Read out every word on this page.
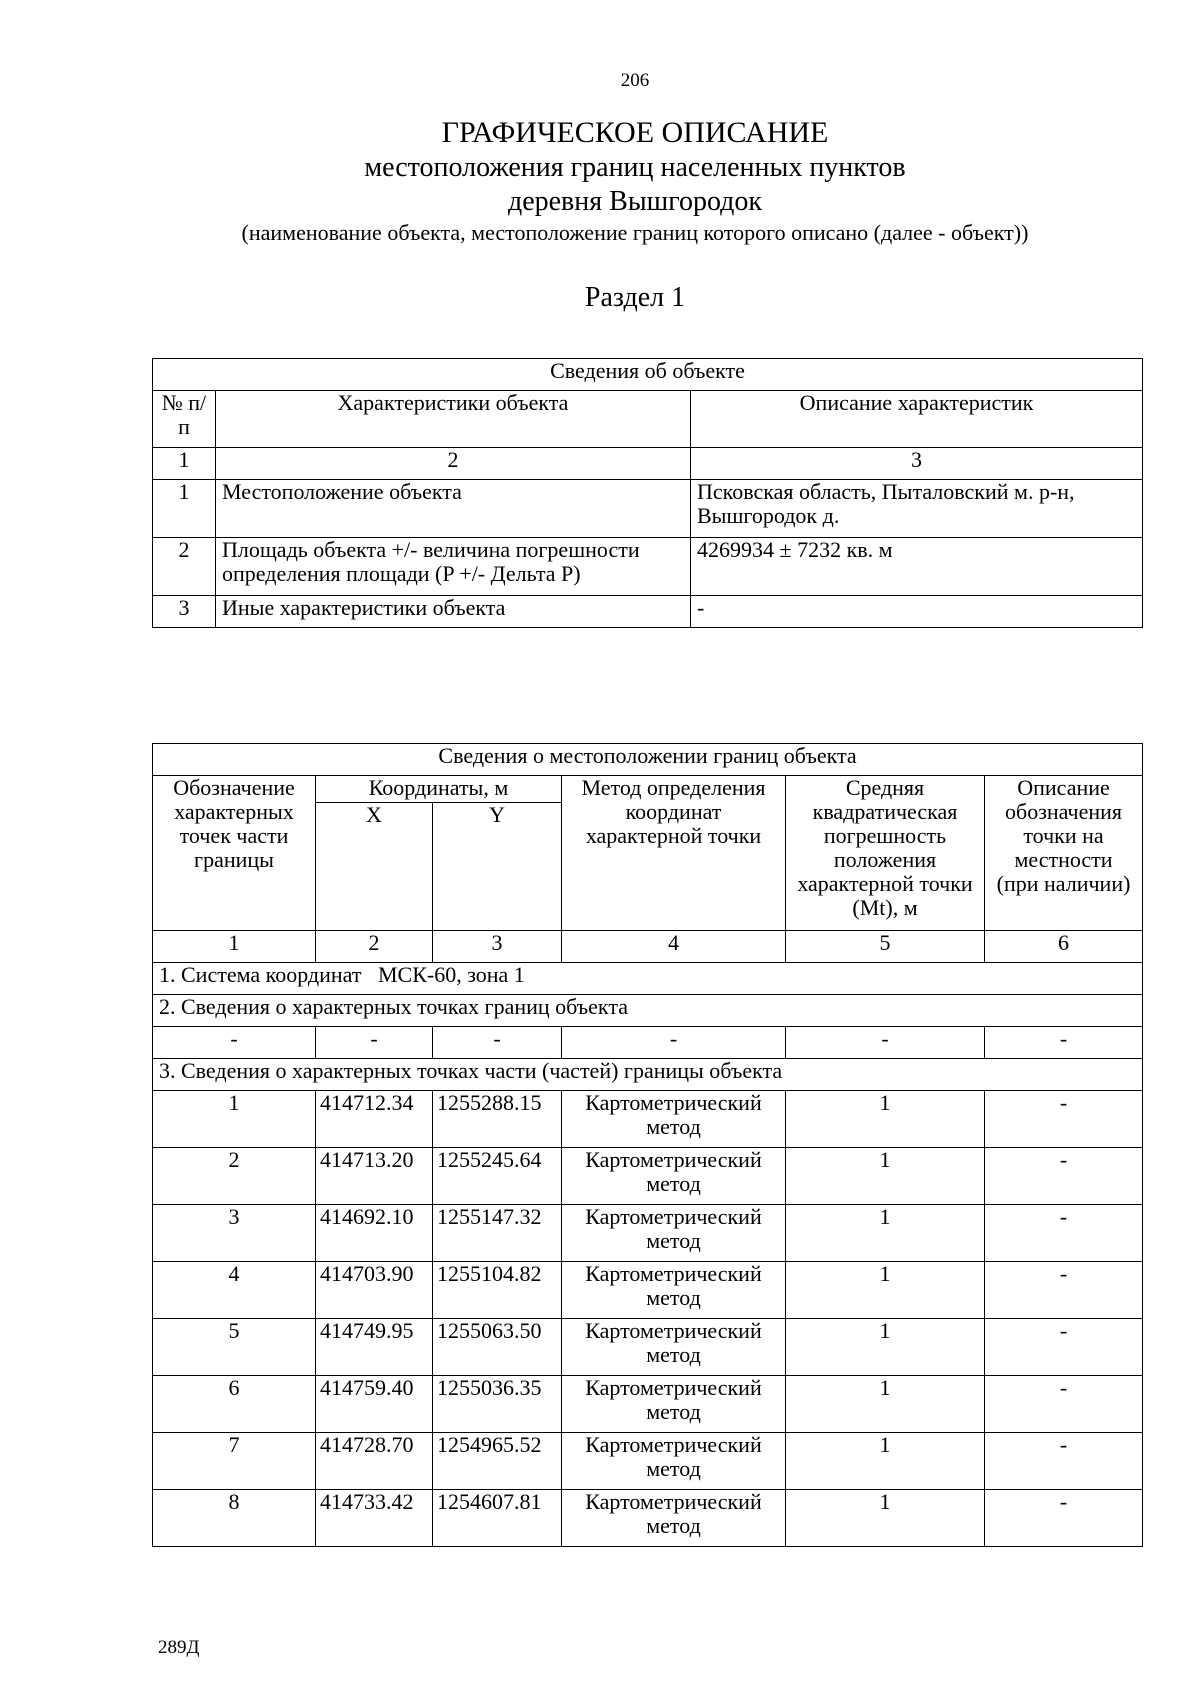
206
ГРАФИЧЕСКОЕ ОПИСАНИЕ
местоположения границ населенных пунктов
деревня Вышгородок
(наименование объекта, местоположение границ которого описано (далее - объект))
Раздел 1
Сведения об объекте		
№ п/п	Характеристики объекта	Описание характеристик
1	2	3
1	Местоположение объекта	Псковская область, Пыталовский м. р-н, Вышгородок д.
2	Площадь объекта +/- величина погрешности определения площади (P +/- Дельта P)	4269934 ± 7232 кв. м
3	Иные характеристики объекта	-
Сведения о местоположении границ объекта					
Обозначение характерных точек части границы	Координаты, м		Метод определения координат характерной точки	Средняя квадратическая погрешность положения характерной точки (Mt), м	Описание обозначения точки на местности (при наличии)
	X	Y			
1	2	3	4	5	6
1. Система координат   МСК-60, зона 1					
2. Сведения о характерных точках границ объекта					
-	-	-	-	-	-
3. Сведения о характерных точках части (частей) границы объекта					
1	414712.34	1255288.15	Картометрический метод	1	-
2	414713.20	1255245.64	Картометрический метод	1	-
3	414692.10	1255147.32	Картометрический метод	1	-
4	414703.90	1255104.82	Картометрический метод	1	-
5	414749.95	1255063.50	Картометрический метод	1	-
6	414759.40	1255036.35	Картометрический метод	1	-
7	414728.70	1254965.52	Картометрический метод	1	-
8	414733.42	1254607.81	Картометрический метод	1	-
289Д
